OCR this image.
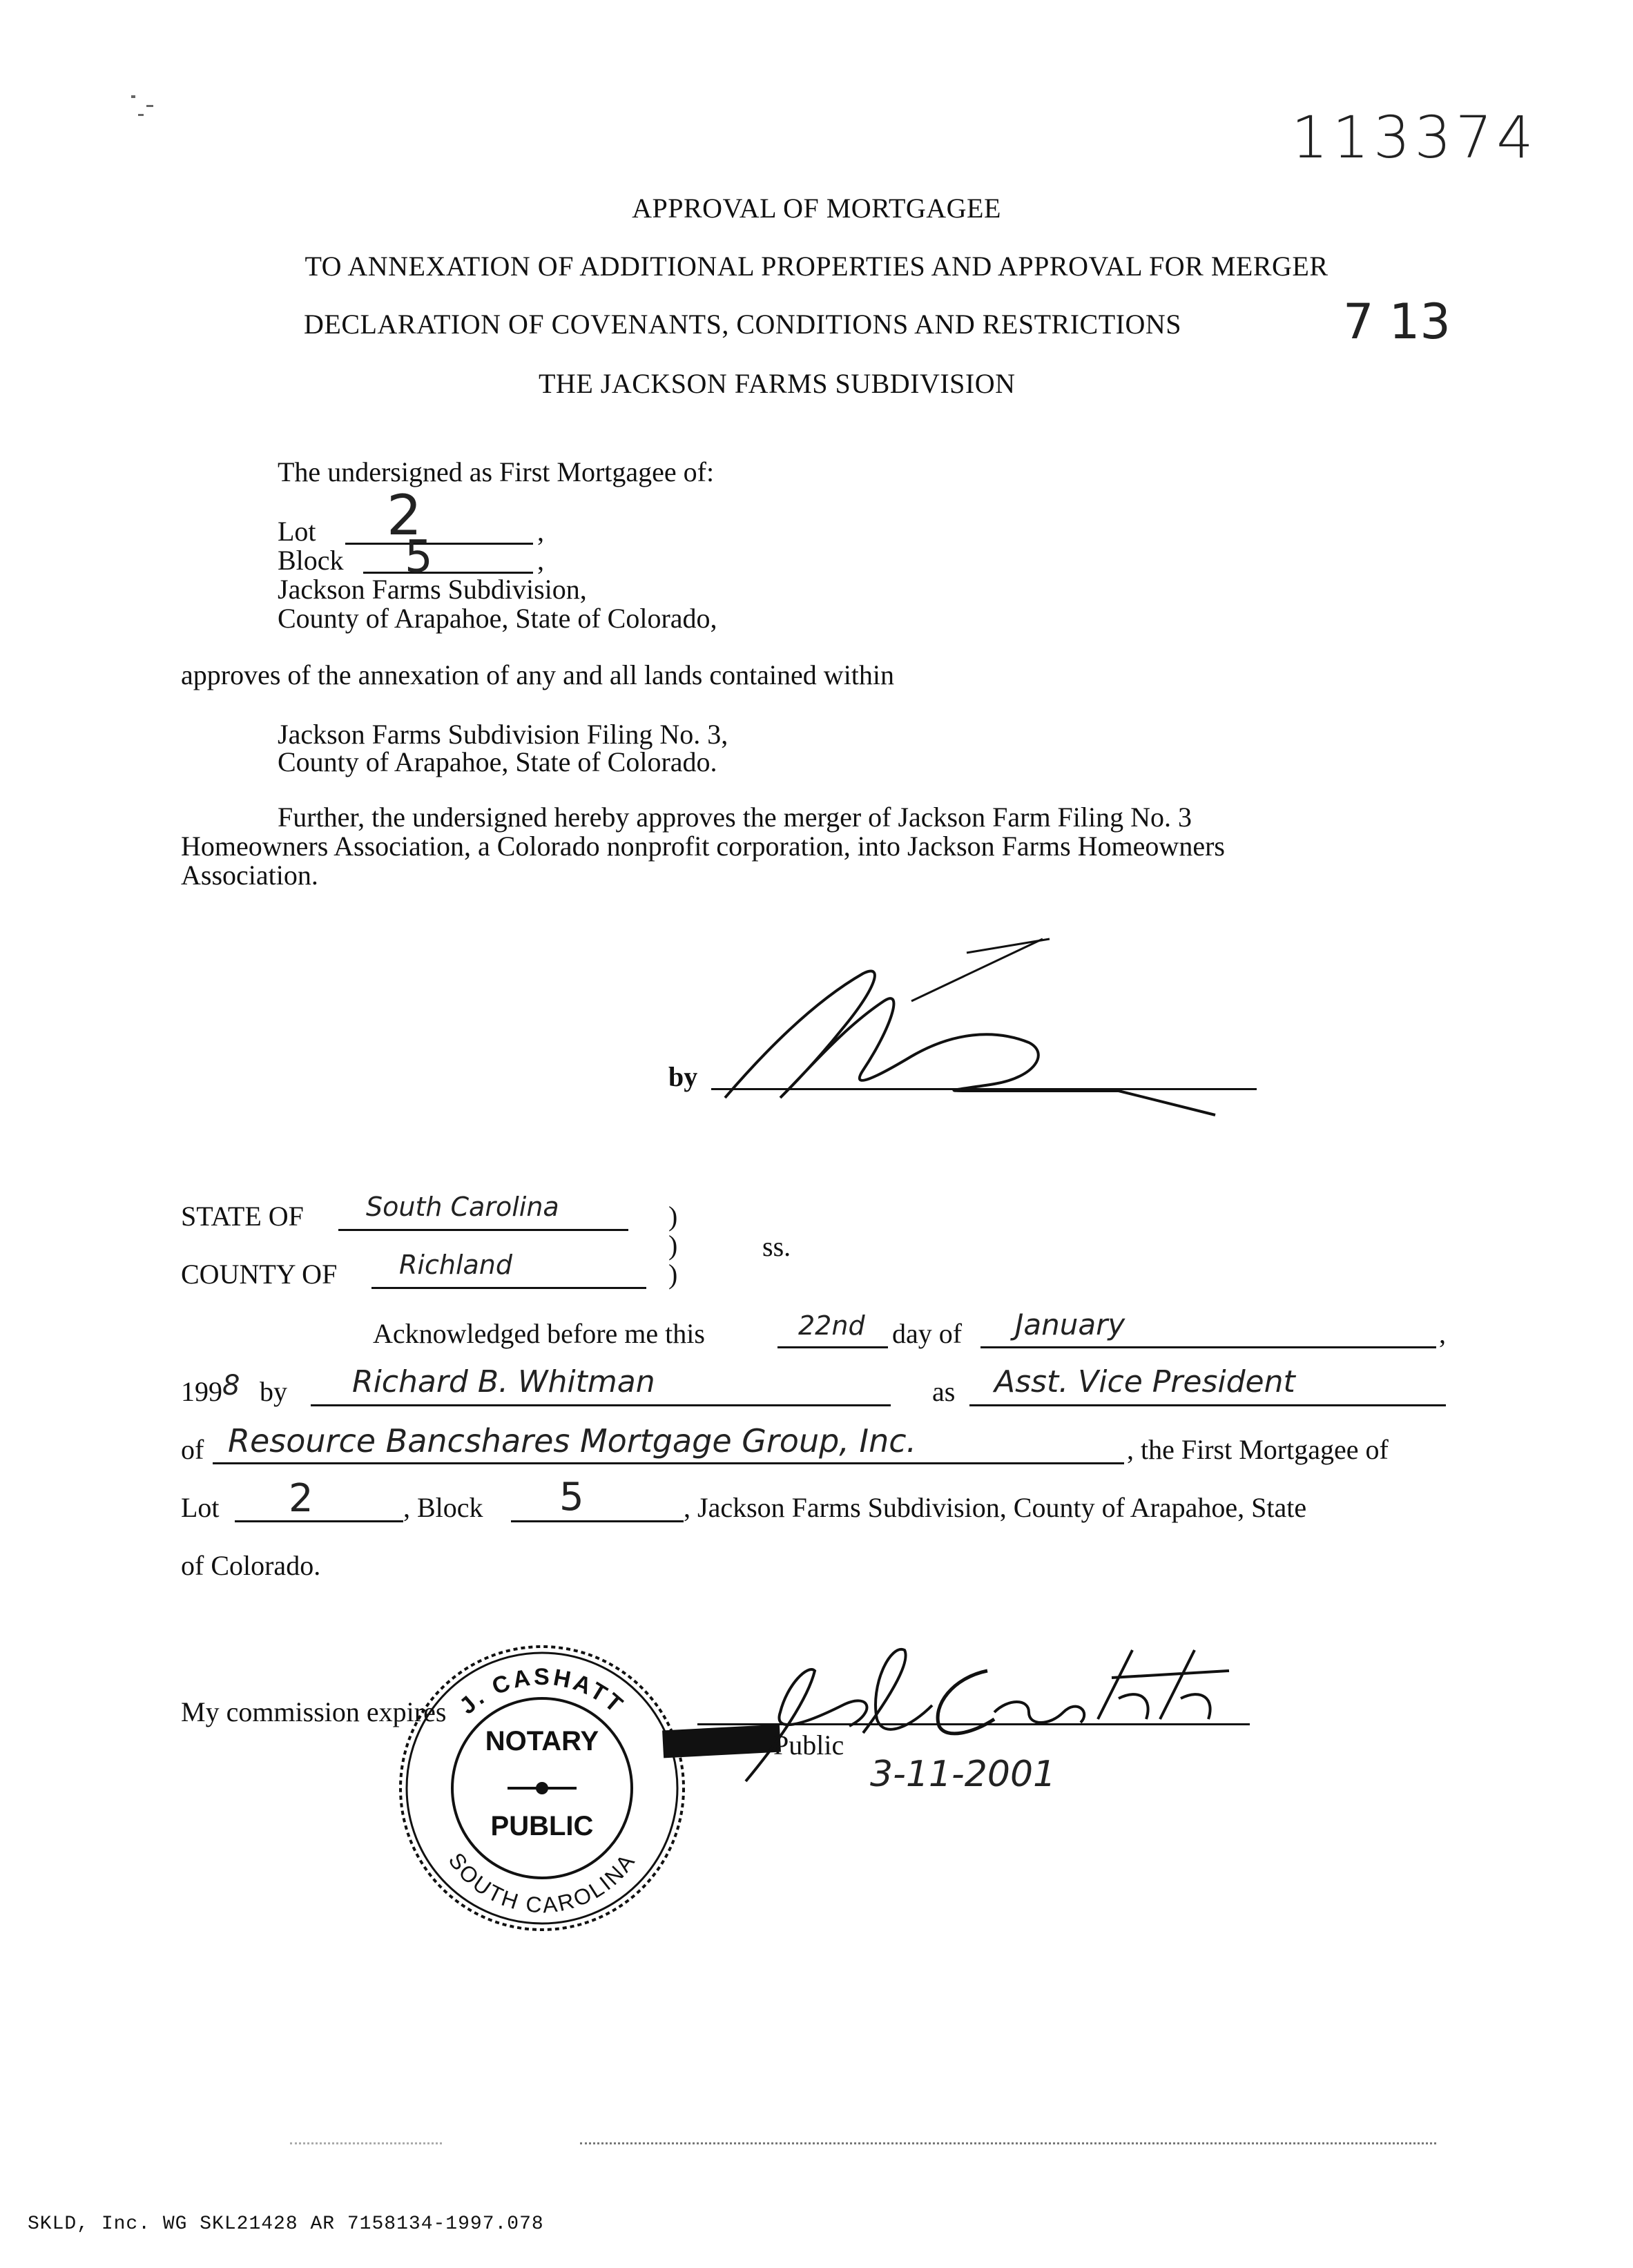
113374
APPROVAL OF MORTGAGEE
TO ANNEXATION OF ADDITIONAL PROPERTIES AND APPROVAL FOR MERGER
DECLARATION OF COVENANTS, CONDITIONS AND RESTRICTIONS	7 13
THE JACKSON FARMS SUBDIVISION
The undersigned as First Mortgagee of:
Lot 2	,
Block 5	,
Jackson Farms Subdivision,
County of Arapahoe, State of Colorado,
approves of the annexation of any and all lands contained within
Jackson Farms Subdivision Filing No. 3,
County of Arapahoe, State of Colorado.
Further, the undersigned hereby approves the merger of Jackson Farm Filing No. 3
Homeowners Association, a Colorado nonprofit corporation, into Jackson Farms Homeowners
Association.
by
STATE OF South Carolina	)
)	ss.
COUNTY OF Richland	)
Acknowledged before me this	22nd day of January	,
199 8 by Richard B. Whitman	as Asst. Vice President
of Resource Bancshares Mortgage Group, Inc.	, the First Mortgagee of
Lot 2	, Block 5	, Jackson Farms Subdivision, County of Arapahoe, State
of Colorado.
J. CASHATT
NOTARY
PUBLIC
SOUTH CAROLINA
My commission expires
Public
3-11-2001
SKLD, Inc. WG SKL21428 AR 7158134-1997.078
